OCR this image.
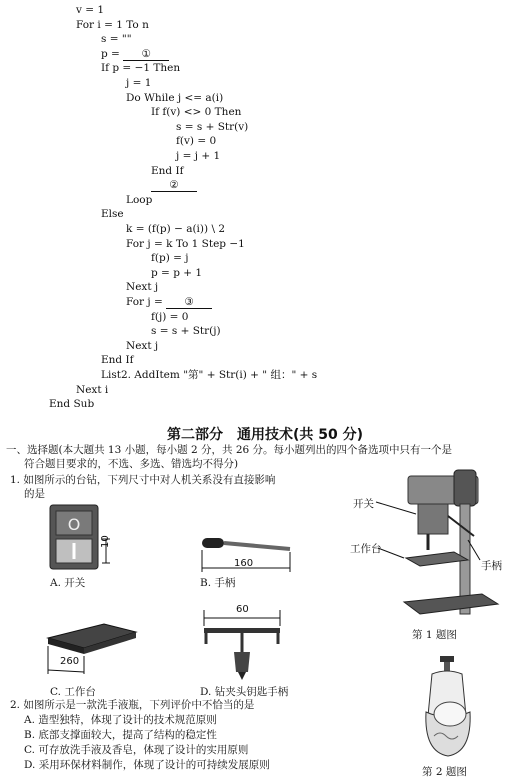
v = 1
For i = 1 To n
s = ""
p = ①
If p = −1 Then
j = 1
Do While j <= a(i)
If f(v) <> 0 Then
s = s + Str(v)
f(v) = 0
j = j + 1
End If
②
Loop
Else
k = (f(p) − a(i)) \ 2
For j = k To 1 Step −1
f(p) = j
p = p + 1
Next j
For j = ③
f(j) = 0
s = s + Str(j)
Next j
End If
List2. AddItem "第" + Str(i) + " 组：" + s
Next i
End Sub
第二部分　通用技术(共 50 分)
一、选择题(本大题共 13 小题，每小题 2 分，共 26 分。每小题列出的四个备选项中只有一个是
符合题目要求的，不选、多选、错选均不得分)
1. 如图所示的台钻，下列尺寸中对人机关系没有直接影响
的是
O
10
A. 开关
160
B. 手柄
260
C. 工作台
60
D. 钻夹头钥匙手柄
开关
工作台
手柄
第 1 题图
2. 如图所示是一款洗手液瓶，下列评价中不恰当的是
A. 造型独特，体现了设计的技术规范原则
B. 底部支撑面较大，提高了结构的稳定性
C. 可存放洗手液及香皂，体现了设计的实用原则
D. 采用环保材料制作，体现了设计的可持续发展原则
第 2 题图
